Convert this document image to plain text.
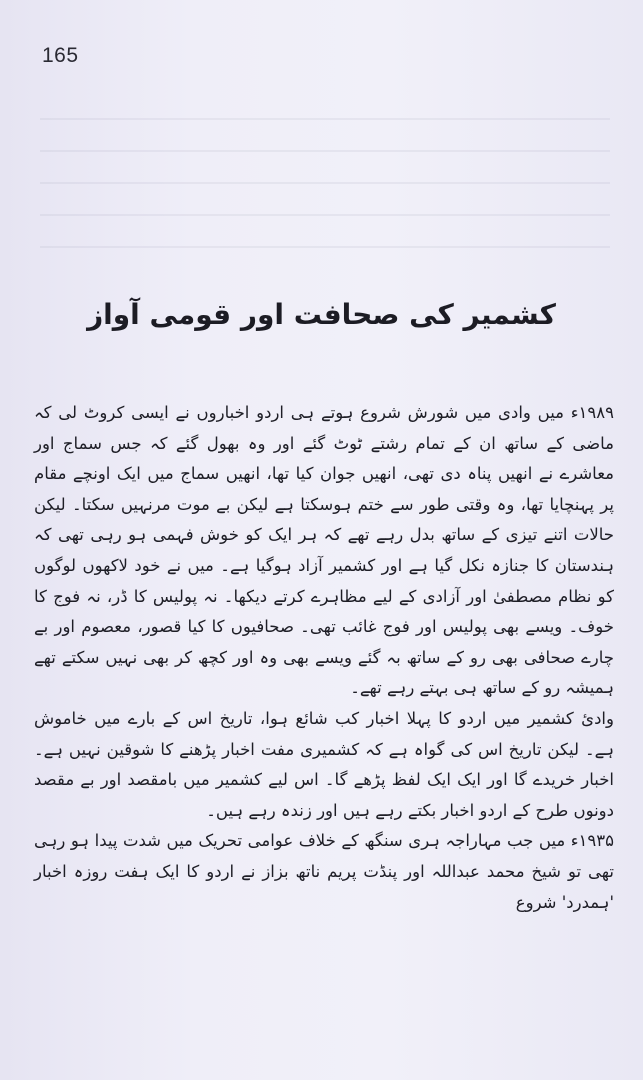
165
کشمیر کی صحافت اور قومی آواز

۱۹۸۹ء میں وادی میں شورش شروع ہوتے ہی اردو اخباروں نے ایسی کروٹ لی کہ ماضی کے ساتھ ان کے تمام رشتے ٹوٹ گئے اور وہ بھول گئے کہ جس سماج اور معاشرے نے انھیں پناہ دی تھی، انھیں جوان کیا تھا، انھیں سماج میں ایک اونچے مقام پر پہنچایا تھا، وہ وقتی طور سے ختم ہوسکتا ہے لیکن بے موت مرنہیں سکتا۔ لیکن حالات اتنے تیزی کے ساتھ بدل رہے تھے کہ ہر ایک کو خوش فہمی ہو رہی تھی کہ ہندستان کا جنازہ نکل گیا ہے اور کشمیر آزاد ہوگیا ہے۔ میں نے خود لاکھوں لوگوں کو نظام مصطفیٰ اور آزادی کے لیے مظاہرے کرتے دیکھا۔ نہ پولیس کا ڈر، نہ فوج کا خوف۔ ویسے بھی پولیس اور فوج غائب تھی۔ صحافیوں کا کیا قصور، معصوم اور بے چارے صحافی بھی رو کے ساتھ بہ گئے ویسے بھی وہ اور کچھ کر بھی نہیں سکتے تھے ہمیشہ رو کے ساتھ ہی بہتے رہے تھے۔

وادئ کشمیر میں اردو کا پہلا اخبار کب شائع ہوا، تاریخ اس کے بارے میں خاموش ہے۔ لیکن تاریخ اس کی گواہ ہے کہ کشمیری مفت اخبار پڑھنے کا شوقین نہیں ہے۔ اخبار خریدے گا اور ایک ایک لفظ پڑھے گا۔ اس لیے کشمیر میں بامقصد اور بے مقصد دونوں طرح کے اردو اخبار بکتے رہے ہیں اور زندہ رہے ہیں۔

۱۹۳۵ء میں جب مہاراجہ ہری سنگھ کے خلاف عوامی تحریک میں شدت پیدا ہو رہی تھی تو شیخ محمد عبداللہ اور پنڈت پریم ناتھ بزاز نے اردو کا ایک ہفت روزہ اخبار 'ہمدرد' شروع
